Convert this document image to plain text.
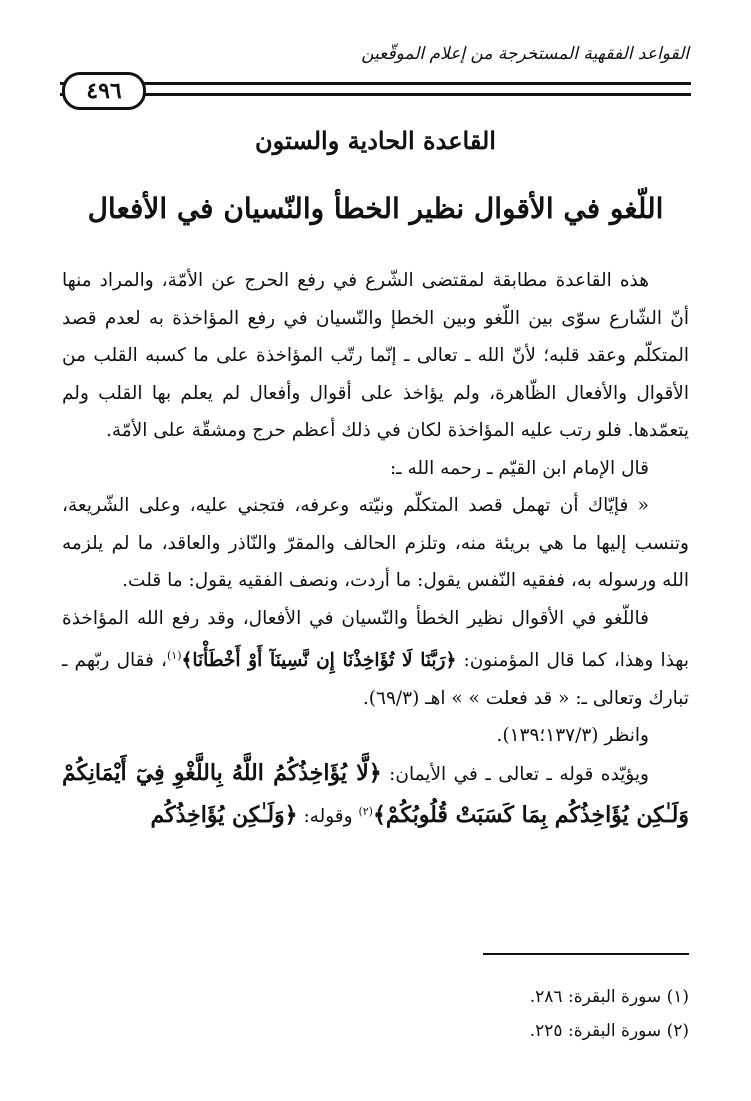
القواعد الفقهية المستخرجة من إعلام الموقّعين
٤٩٦
القاعدة الحادية والستون
اللّغو في الأقوال نظير الخطأ والنّسيان في الأفعال

هذه القاعدة مطابقة لمقتضى الشّرع في رفع الحرج عن الأمّة، والمراد منها أنّ الشّارع سوّى بين اللّغو وبين الخطإ والنّسيان في رفع المؤاخذة به لعدم قصد المتكلّم وعقد قلبه؛ لأنّ الله ـ تعالى ـ إنّما رتّب المؤاخذة على ما كسبه القلب من الأقوال والأفعال الظّاهرة، ولم يؤاخذ على أقوال وأفعال لم يعلم بها القلب ولم يتعمّدها. فلو رتب عليه المؤاخذة لكان في ذلك أعظم حرج ومشقّة على الأمّة.

قال الإمام ابن القيّم ـ رحمه الله ـ:

« فإيّاك أن تهمل قصد المتكلّم ونيّته وعرفه، فتجني عليه، وعلى الشّريعة، وتنسب إليها ما هي بريئة منه، وتلزم الحالف والمقرّ والنّاذر والعاقد، ما لم يلزمه الله ورسوله به، ففقيه النّفس يقول: ما أردت، ونصف الفقيه يقول: ما قلت.

فاللّغو في الأقوال نظير الخطأ والنّسيان في الأفعال، وقد رفع الله المؤاخذة بهذا وهذا، كما قال المؤمنون: ﴿رَبَّنَا لَا تُؤَاخِذْنَا إِن نَّسِينَآ أَوْ أَخْطَأْنَا﴾$^{(١)}$، فقال ربّهم ـ تبارك وتعالى ـ: « قد فعلت » » اهـ (٦٩/٣).

وانظر (١٣٧/٣؛١٣٩).

ويؤيّده قوله ـ تعالى ـ في الأيمان: ﴿لَّا يُؤَاخِذُكُمُ اللَّهُ بِاللَّغْوِ فِيٓ أَيْمَانِكُمْ وَلَـٰكِن يُؤَاخِذُكُم بِمَا كَسَبَتْ قُلُوبُكُمْ﴾$^{(٢)}$ وقوله: ﴿وَلَـٰكِن يُؤَاخِذُكُم

(١) سورة البقرة: ٢٨٦.
(٢) سورة البقرة: ٢٢٥.
